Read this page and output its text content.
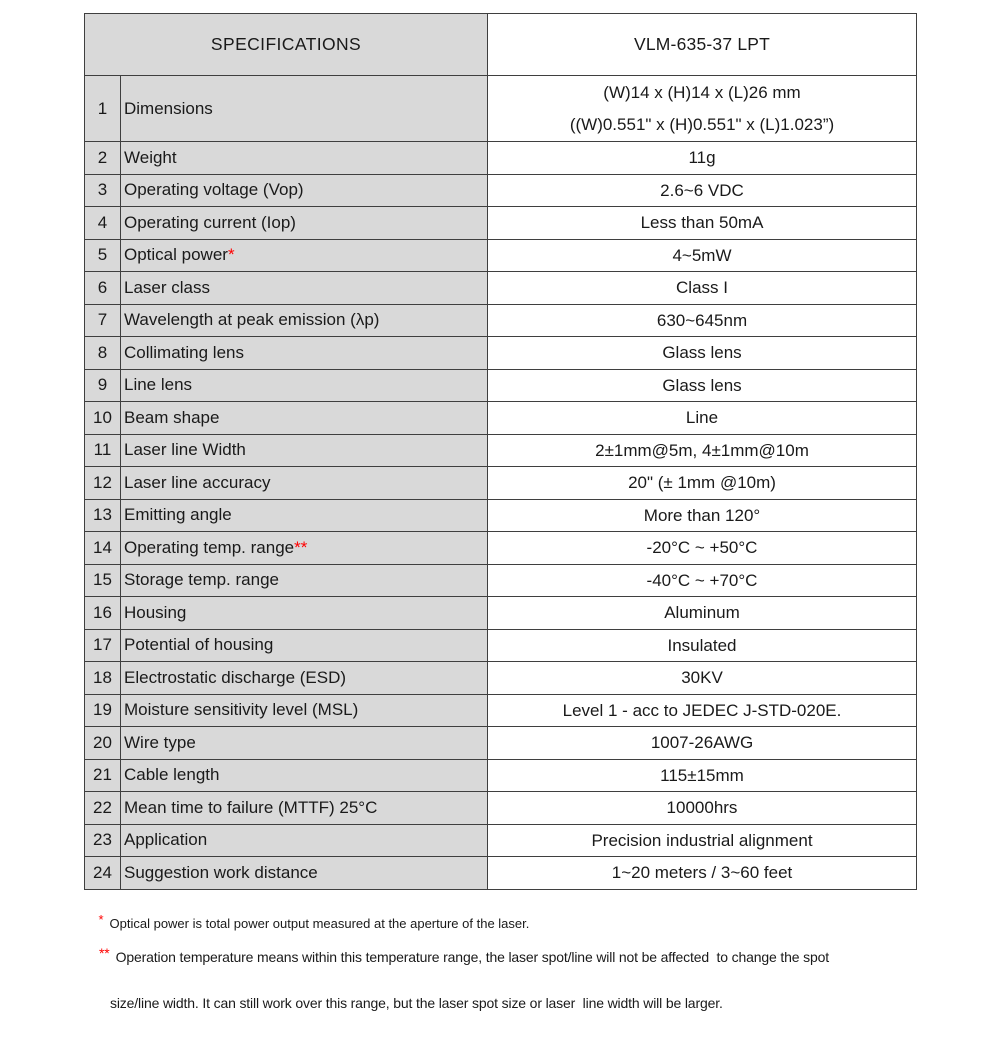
SPECIFICATIONS		VLM-635-37 LPT
1	Dimensions	(W)14 x (H)14 x (L)26 mm
((W)0.551" x (H)0.551" x (L)1.023”)

2	Weight	11g
3	Operating voltage (Vop)	2.6~6 VDC
4	Operating current (Iop)	Less than 50mA
5	Optical power*	4~5mW
6	Laser class	Class I
7	Wavelength at peak emission (λp)	630~645nm
8	Collimating lens	Glass lens
9	Line lens	Glass lens
10	Beam shape	Line
11	Laser line Width	2±1mm@5m, 4±1mm@10m
12	Laser line accuracy	20" (± 1mm @10m)
13	Emitting angle	More than 120°
14	Operating temp. range**	-20°C ~ +50°C
15	Storage temp. range	-40°C ~ +70°C
16	Housing	Aluminum
17	Potential of housing	Insulated
18	Electrostatic discharge (ESD)	30KV
19	Moisture sensitivity level (MSL)	Level 1 - acc to JEDEC J-STD-020E.
20	Wire type	1007-26AWG
21	Cable length	115±15mm
22	Mean time to failure (MTTF) 25°C	10000hrs
23	Application	Precision industrial alignment
24	Suggestion work distance	1~20 meters / 3~60 feet

* Optical power is total power output measured at the aperture of the laser.

** Operation temperature means within this temperature range, the laser spot/line will not be affected  to change the spot

size/line width. It can still work over this range, but the laser spot size or laser  line width will be larger.
